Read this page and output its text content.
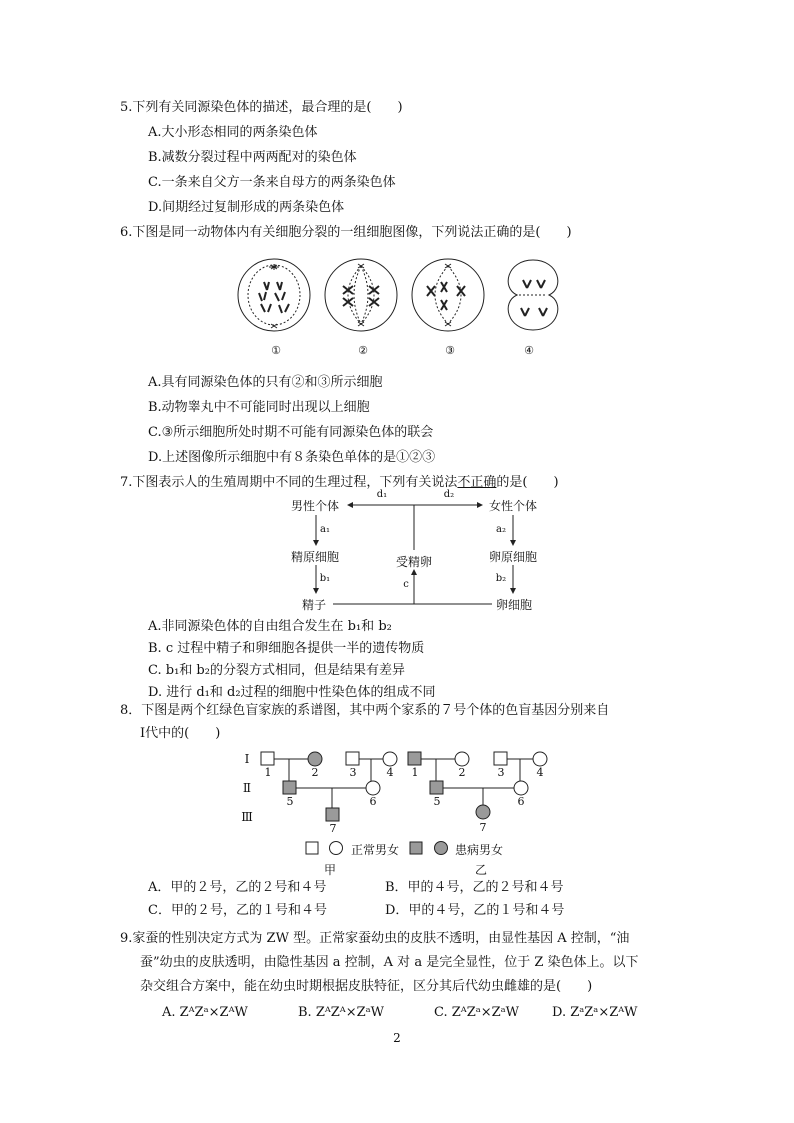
5.下列有关同源染色体的描述，最合理的是(　　)
A.大小形态相同的两条染色体
B.减数分裂过程中两两配对的染色体
C.一条来自父方一条来自母方的两条染色体
D.间期经过复制形成的两条染色体
6.下图是同一动物体内有关细胞分裂的一组细胞图像，下列说法正确的是(　　)
①	②	③	④
A.具有同源染色体的只有②和③所示细胞
B.动物睾丸中不可能同时出现以上细胞
C.③所示细胞所处时期不可能有同源染色体的联会
D.上述图像所示细胞中有８条染色单体的是①②③
7.下图表示人的生殖周期中不同的生理过程，下列有关说法不正确的是(　　)
男性个体	女性个体
d₁	d₂
a₁	a₂
精原细胞	卵原细胞
受精卵
b₁	b₂
c
精子	卵细胞
A.非同源染色体的自由组合发生在 b₁和 b₂
B. c 过程中精子和卵细胞各提供一半的遗传物质
C. b₁和 b₂的分裂方式相同，但是结果有差异
D. 进行 d₁和 d₂过程的细胞中性染色体的组成不同
8．下图是两个红绿色盲家族的系谱图，其中两个家系的７号个体的色盲基因分别来自
Ⅰ代中的(　　)
Ⅰ
Ⅱ
Ⅲ
1	2	3	4
5	6
7
1	2	3	4
5	6
7
正常男女	患病男女
甲	乙
A．甲的２号，乙的２号和４号	B．甲的４号，乙的２号和４号
C．甲的２号，乙的１号和４号	D．甲的４号，乙的１号和４号
9.家蚕的性别决定方式为 ZW 型。正常家蚕幼虫的皮肤不透明，由显性基因 A 控制，“油
蚕”幼虫的皮肤透明，由隐性基因 a 控制，A 对 a 是完全显性，位于 Z 染色体上。以下
杂交组合方案中，能在幼虫时期根据皮肤特征，区分其后代幼虫雌雄的是(　　)
A. ZᴬZᵃ×ZᴬW	B. ZᴬZᴬ×ZᵃW	C. ZᴬZᵃ×ZᵃW	D. ZᵃZᵃ×ZᴬW
2
